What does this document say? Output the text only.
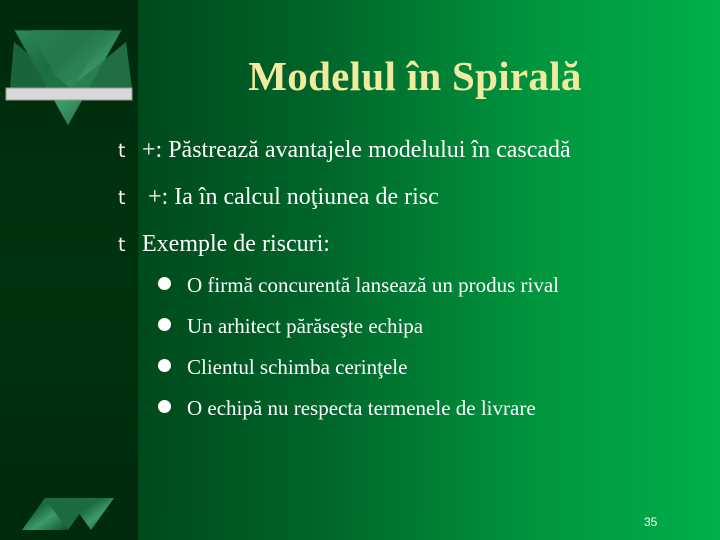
Modelul în Spirală
t +: Păstrează avantajele modelului în cascadă
t +: Ia în calcul noţiunea de risc
t Exemple de riscuri:
O firmă concurentă lansează un produs rival
Un arhitect părăseşte echipa
Clientul schimba cerinţele
O echipă nu respecta termenele de livrare
35
